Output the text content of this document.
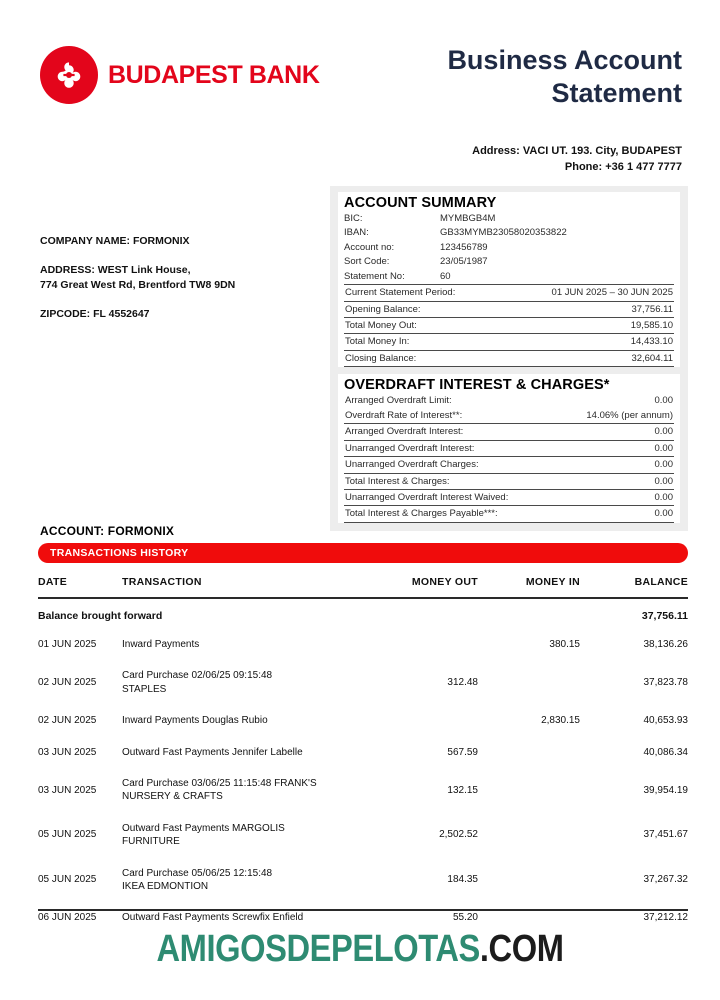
BUDAPEST BANK	Business Account
Statement
Address: VACI UT. 193. City, BUDAPEST
Phone: +36 1 477 7777
COMPANY NAME: FORMONIX
ADDRESS: WEST Link House,
774 Great West Rd, Brentford TW8 9DN
ZIPCODE: FL 4552647
ACCOUNT SUMMARY
BIC:	MYMBGB4M
IBAN:	GB33MYMB23058020353822
Account no:	123456789
Sort Code:	23/05/1987
Statement No:	60
Current Statement Period:	01 JUN 2025 – 30 JUN 2025
Opening Balance:	37,756.11
Total Money Out:	19,585.10
Total Money In:	14,433.10
Closing Balance:	32,604.11
OVERDRAFT INTEREST & CHARGES*
Arranged Overdraft Limit:	0.00
Overdraft Rate of Interest**:	14.06% (per annum)
Arranged Overdraft Interest:	0.00
Unarranged Overdraft Interest:	0.00
Unarranged Overdraft Charges:	0.00
Total Interest & Charges:	0.00
Unarranged Overdraft Interest Waived:	0.00
Total Interest & Charges Payable***:	0.00
ACCOUNT: FORMONIX
TRANSACTIONS HISTORY
DATE	TRANSACTION	MONEY OUT	MONEY IN	BALANCE
	Balance brought forward			37,756.11
01 JUN 2025	Inward Payments		380.15	38,136.26
02 JUN 2025	Card Purchase 02/06/25 09:15:48
STAPLES	312.48		37,823.78
02 JUN 2025	Inward Payments Douglas Rubio		2,830.15	40,653.93
03 JUN 2025	Outward Fast Payments Jennifer Labelle	567.59		40,086.34
03 JUN 2025	Card Purchase 03/06/25 11:15:48 FRANK'S
NURSERY & CRAFTS	132.15		39,954.19
05 JUN 2025	Outward Fast Payments MARGOLIS
FURNITURE	2,502.52		37,451.67
05 JUN 2025	Card Purchase 05/06/25 12:15:48
IKEA EDMONTION	184.35		37,267.32
06 JUN 2025	Outward Fast Payments Screwfix Enfield	55.20		37,212.12
AMIGOSDEPELOTAS.COM
